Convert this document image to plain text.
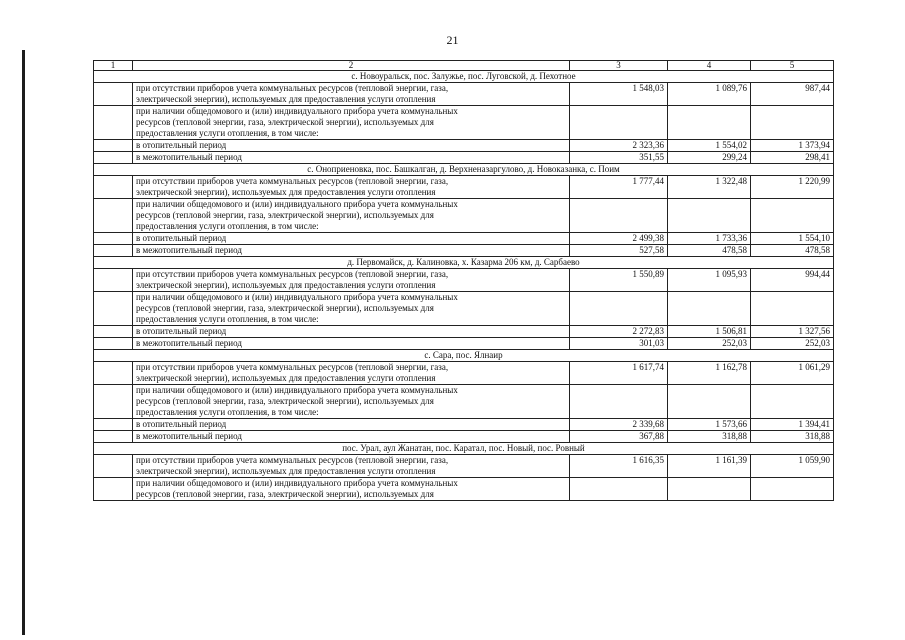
21
1	2	3	4	5
с. Новоуральск, пос. Залужье, пос. Луговской, д. Пехотное				

	при отсутствии приборов учета коммунальных ресурсов (тепловой энергии, газа,
электрической энергии), используемых для предоставления услуги отопления	1 548,03	1 089,76	987,44

	при наличии общедомового и (или) индивидуального прибора учета коммунальных
ресурсов (тепловой энергии, газа, электрической энергии), используемых для
предоставления услуги отопления, в том числе:			

	в отопительный период	2 323,36	1 554,02	1 373,94

	в межотопительный период	351,55	299,24	298,41
с. Оноприеновка, пос. Башкалган, д. Верхненазаргулово, д. Новоказанка, с. Поим				

	при отсутствии приборов учета коммунальных ресурсов (тепловой энергии, газа,
электрической энергии), используемых для предоставления услуги отопления	1 777,44	1 322,48	1 220,99

	при наличии общедомового и (или) индивидуального прибора учета коммунальных
ресурсов (тепловой энергии, газа, электрической энергии), используемых для
предоставления услуги отопления, в том числе:			

	в отопительный период	2 499,38	1 733,36	1 554,10

	в межотопительный период	527,58	478,58	478,58
д. Первомайск, д. Калиновка, х. Казарма 206 км, д. Сарбаево				

	при отсутствии приборов учета коммунальных ресурсов (тепловой энергии, газа,
электрической энергии), используемых для предоставления услуги отопления	1 550,89	1 095,93	994,44

	при наличии общедомового и (или) индивидуального прибора учета коммунальных
ресурсов (тепловой энергии, газа, электрической энергии), используемых для
предоставления услуги отопления, в том числе:			

	в отопительный период	2 272,83	1 506,81	1 327,56

	в межотопительный период	301,03	252,03	252,03
с. Сара, пос. Ялнаир				

	при отсутствии приборов учета коммунальных ресурсов (тепловой энергии, газа,
электрической энергии), используемых для предоставления услуги отопления	1 617,74	1 162,78	1 061,29

	при наличии общедомового и (или) индивидуального прибора учета коммунальных
ресурсов (тепловой энергии, газа, электрической энергии), используемых для
предоставления услуги отопления, в том числе:			

	в отопительный период	2 339,68	1 573,66	1 394,41

	в межотопительный период	367,88	318,88	318,88
пос. Урал, аул Жанатан, пос. Каратал, пос. Новый, пос. Ровный				

	при отсутствии приборов учета коммунальных ресурсов (тепловой энергии, газа,
электрической энергии), используемых для предоставления услуги отопления	1 616,35	1 161,39	1 059,90

	при наличии общедомового и (или) индивидуального прибора учета коммунальных
ресурсов (тепловой энергии, газа, электрической энергии), используемых для			
